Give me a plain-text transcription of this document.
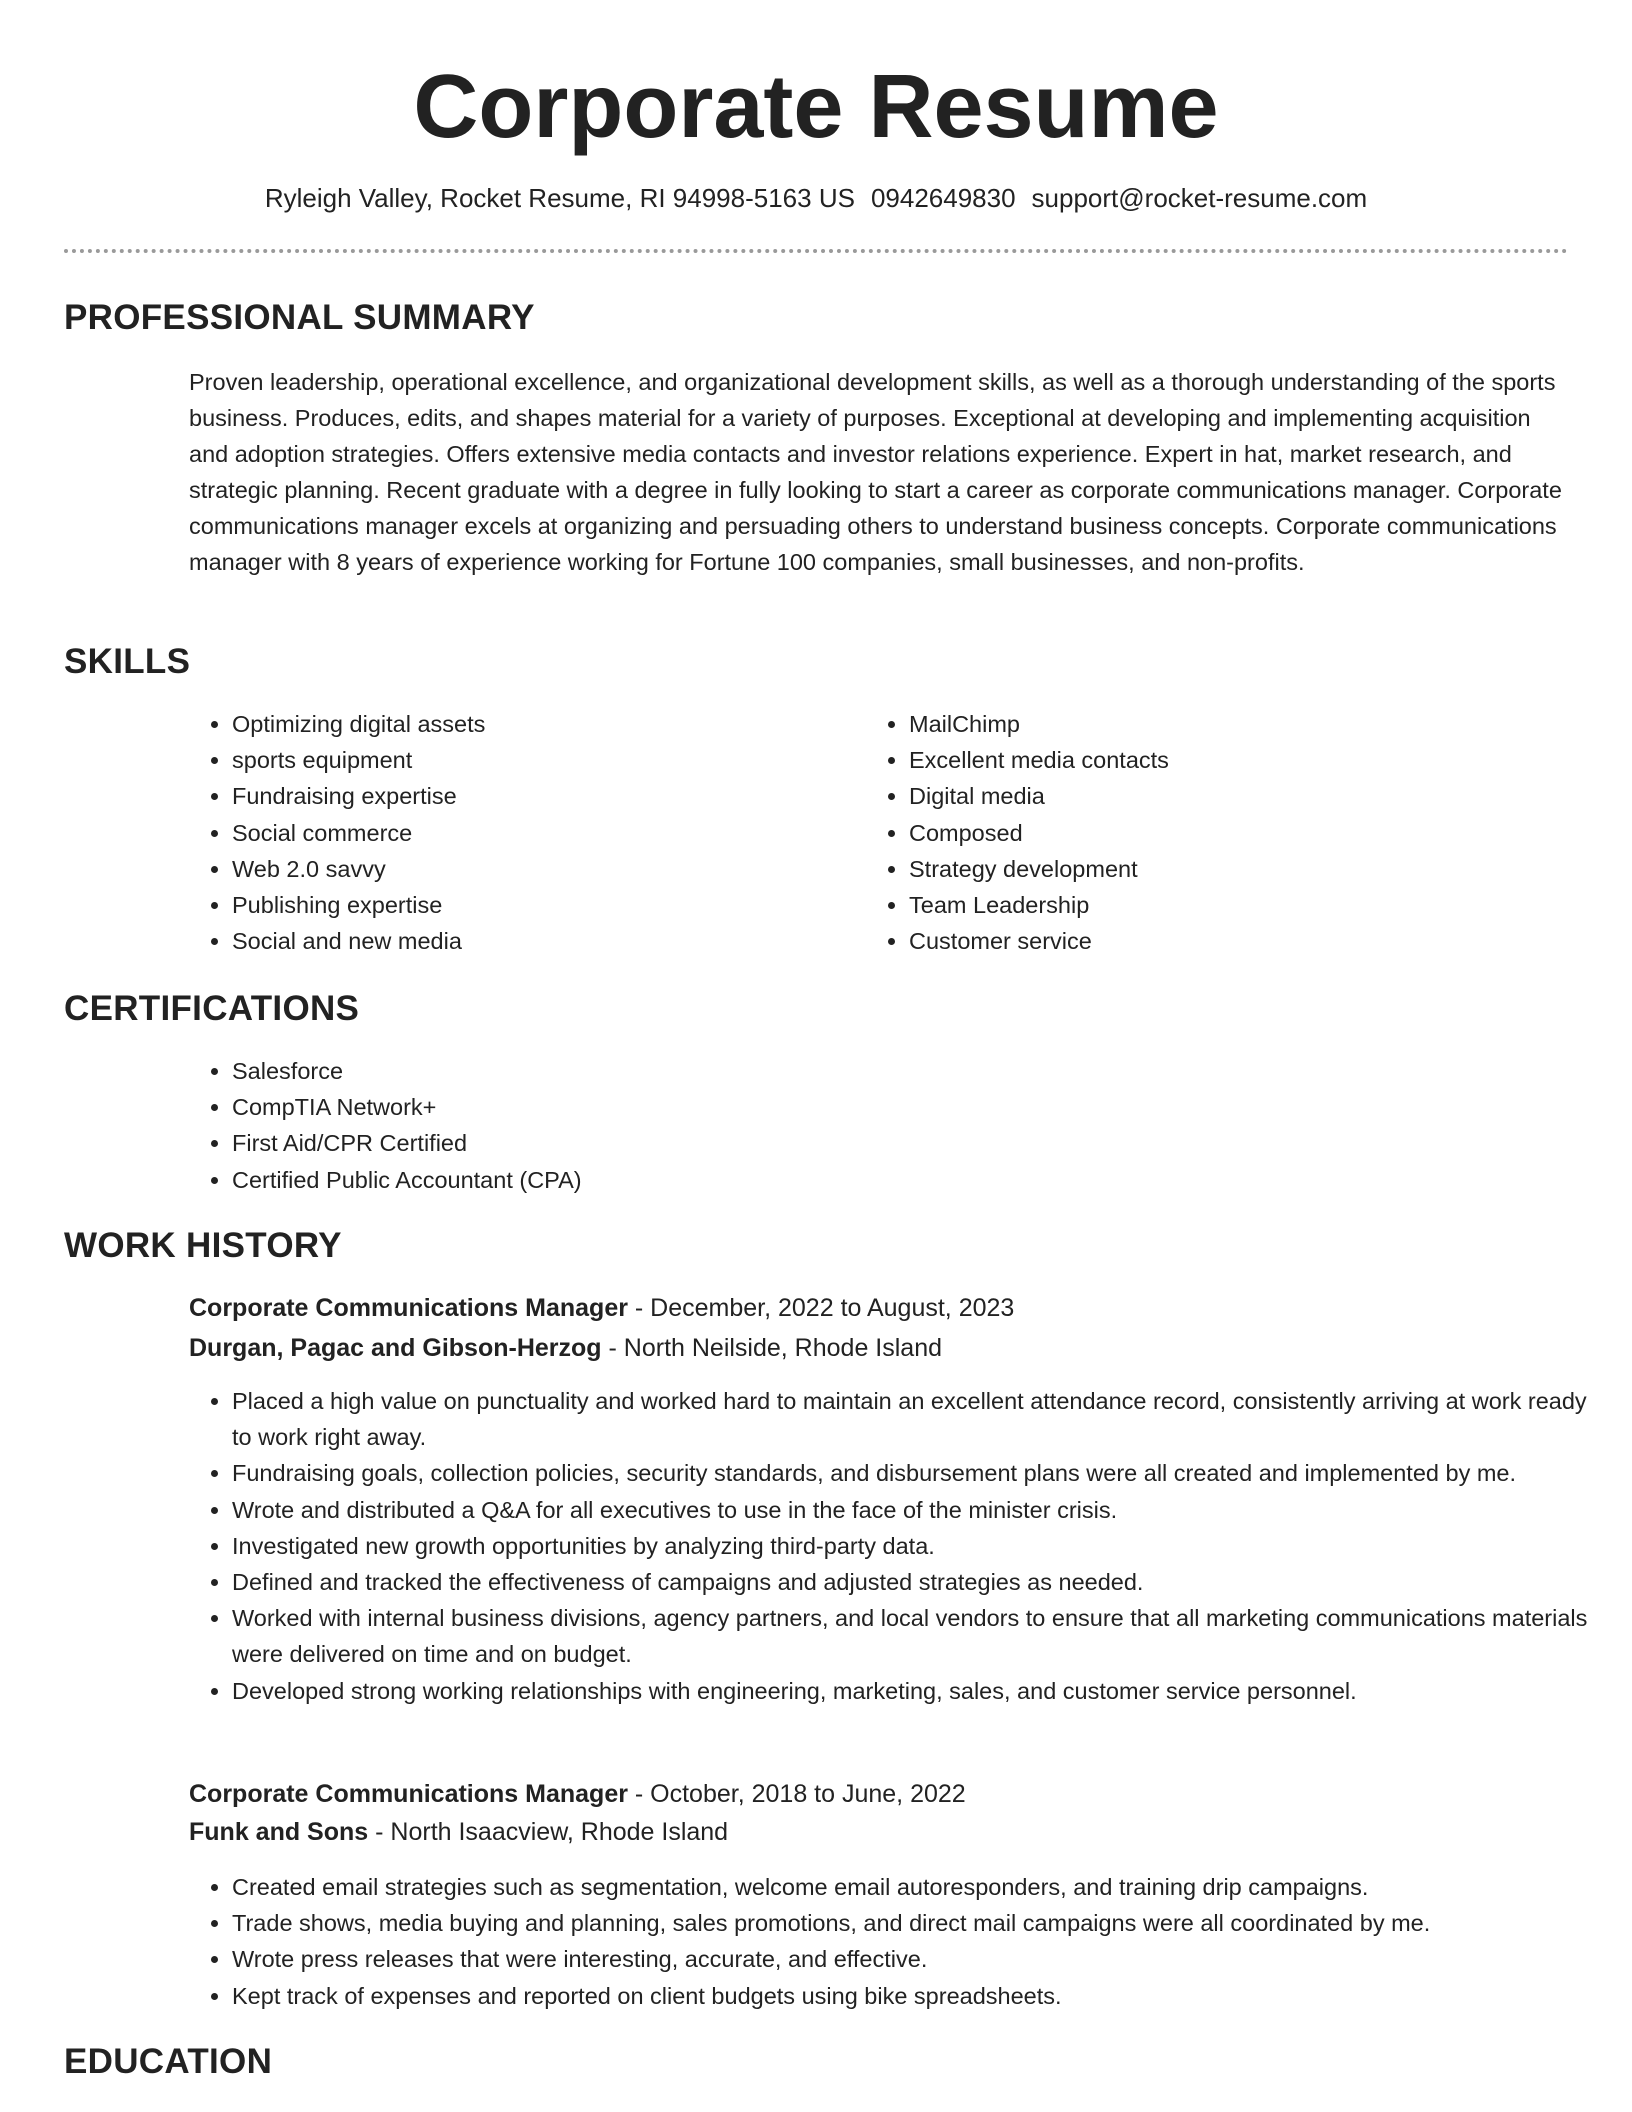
Corporate Resume
Ryleigh Valley, Rocket Resume, RI 94998-5163 US 0942649830 support@rocket-resume.com
PROFESSIONAL SUMMARY

Proven leadership, operational excellence, and organizational development skills, as well as a thorough understanding of the sports business. Produces, edits, and shapes material for a variety of purposes. Exceptional at developing and implementing acquisition and adoption strategies. Offers extensive media contacts and investor relations experience. Expert in hat, market research, and strategic planning. Recent graduate with a degree in fully looking to start a career as corporate communications manager. Corporate communications manager excels at organizing and persuading others to understand business concepts. Corporate communications manager with 8 years of experience working for Fortune 100 companies, small businesses, and non-profits.

SKILLS
• Optimizing digital assets
• sports equipment
• Fundraising expertise
• Social commerce
• Web 2.0 savvy
• Publishing expertise
• Social and new media
• MailChimp
• Excellent media contacts
• Digital media
• Composed
• Strategy development
• Team Leadership
• Customer service
CERTIFICATIONS
• Salesforce
• CompTIA Network+
• First Aid/CPR Certified
• Certified Public Accountant (CPA)
WORK HISTORY

Corporate Communications Manager - December, 2022 to August, 2023

Durgan, Pagac and Gibson-Herzog - North Neilside, Rhode Island

• Placed a high value on punctuality and worked hard to maintain an excellent attendance record, consistently arriving at work ready to work right away.
• Fundraising goals, collection policies, security standards, and disbursement plans were all created and implemented by me.
• Wrote and distributed a Q&A for all executives to use in the face of the minister crisis.
• Investigated new growth opportunities by analyzing third-party data.
• Defined and tracked the effectiveness of campaigns and adjusted strategies as needed.
• Worked with internal business divisions, agency partners, and local vendors to ensure that all marketing communications materials were delivered on time and on budget.
• Developed strong working relationships with engineering, marketing, sales, and customer service personnel.

Corporate Communications Manager - October, 2018 to June, 2022

Funk and Sons - North Isaacview, Rhode Island

• Created email strategies such as segmentation, welcome email autoresponders, and training drip campaigns.
• Trade shows, media buying and planning, sales promotions, and direct mail campaigns were all coordinated by me.
• Wrote press releases that were interesting, accurate, and effective.
• Kept track of expenses and reported on client budgets using bike spreadsheets.
EDUCATION
